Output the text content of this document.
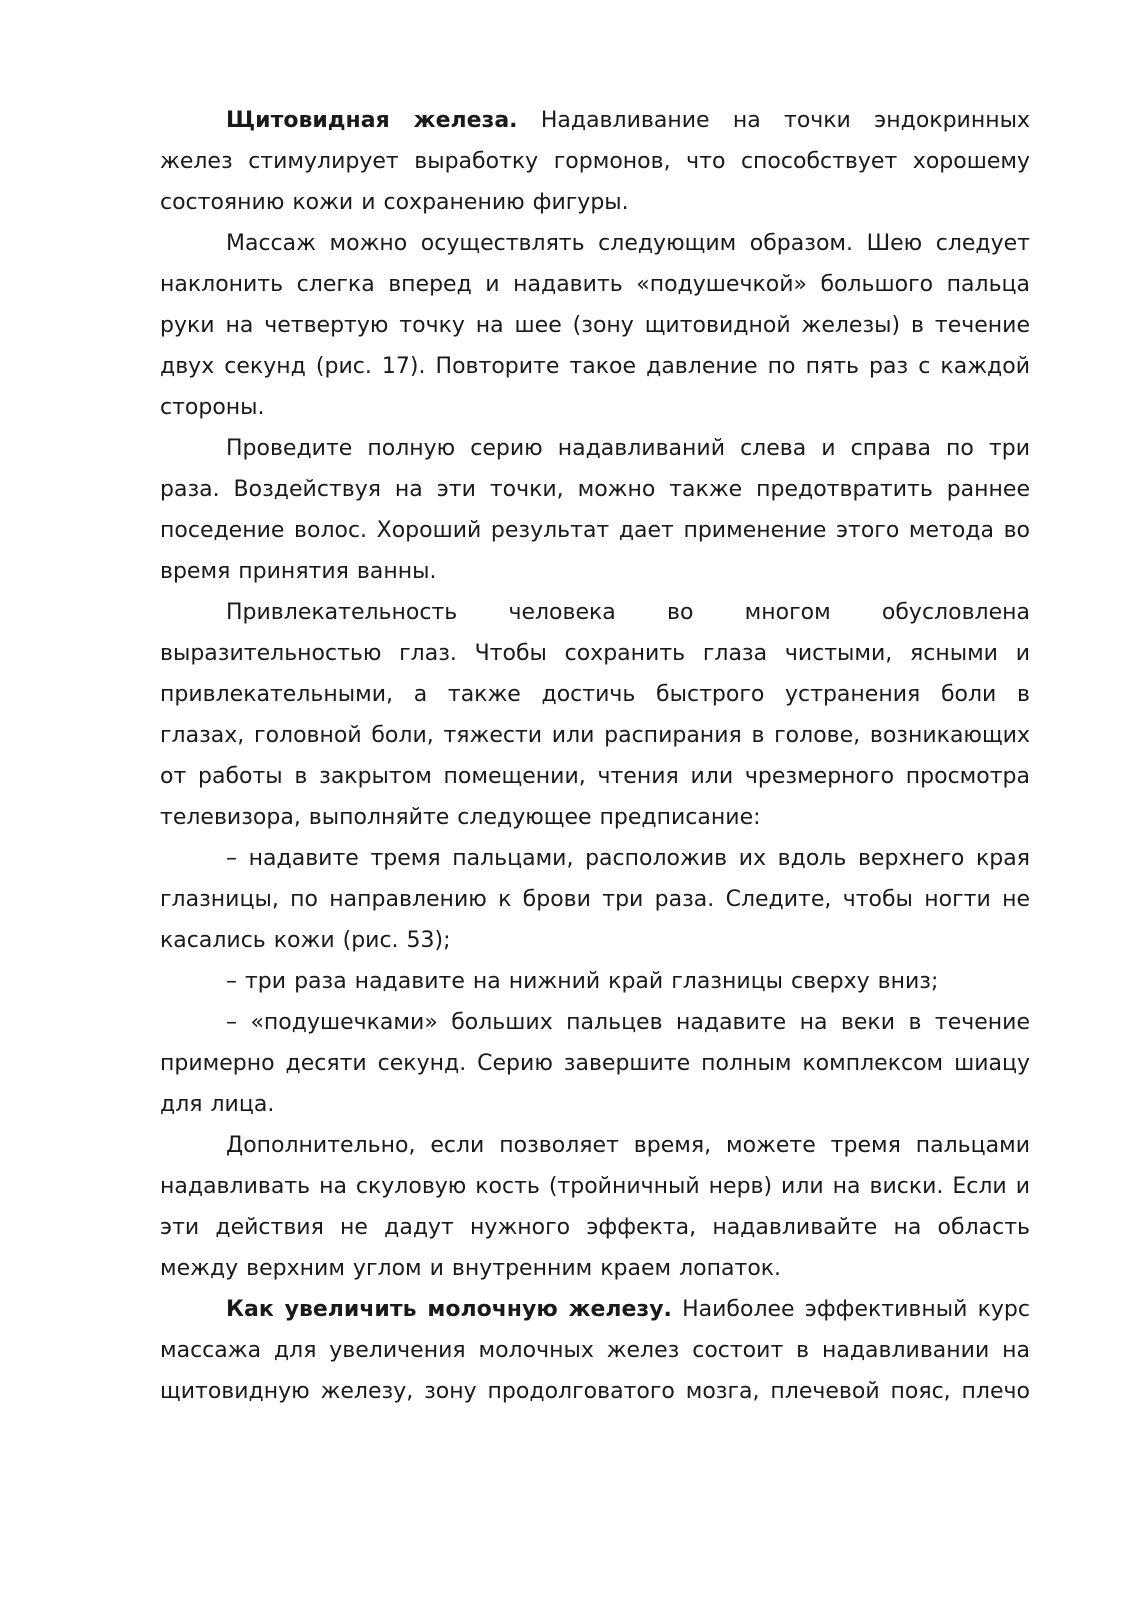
Щитовидная железа. Надавливание на точки эндокринных желез стимулирует выработку гормонов, что способствует хорошему состоянию кожи и сохранению фигуры.

Массаж можно осуществлять следующим образом. Шею следует наклонить слегка вперед и надавить «подушечкой» большого пальца руки на четвертую точку на шее (зону щитовидной железы) в течение двух секунд (рис. 17). Повторите такое давление по пять раз с каждой стороны.

Проведите полную серию надавливаний слева и справа по три раза. Воздействуя на эти точки, можно также предотвратить раннее поседение волос. Хороший результат дает применение этого метода во время принятия ванны.

Привлекательность человека во многом обусловлена выразительностью глаз. Чтобы сохранить глаза чистыми, ясными и привлекательными, а также достичь быстрого устранения боли в глазах, головной боли, тяжести или распирания в голове, возникающих от работы в закрытом помещении, чтения или чрезмерного просмотра телевизора, выполняйте следующее предписание:

– надавите тремя пальцами, расположив их вдоль верхнего края глазницы, по направлению к брови три раза. Следите, чтобы ногти не касались кожи (рис. 53);

– три раза надавите на нижний край глазницы сверху вниз;

– «подушечками» больших пальцев надавите на веки в течение примерно десяти секунд. Серию завершите полным комплексом шиацу для лица.

Дополнительно, если позволяет время, можете тремя пальцами надавливать на скуловую кость (тройничный нерв) или на виски. Если и эти действия не дадут нужного эффекта, надавливайте на область между верхним углом и внутренним краем лопаток.

Как увеличить молочную железу. Наиболее эффективный курс массажа для увеличения молочных желез состоит в надавливании на щитовидную железу, зону продолговатого мозга, плечевой пояс, плечо
